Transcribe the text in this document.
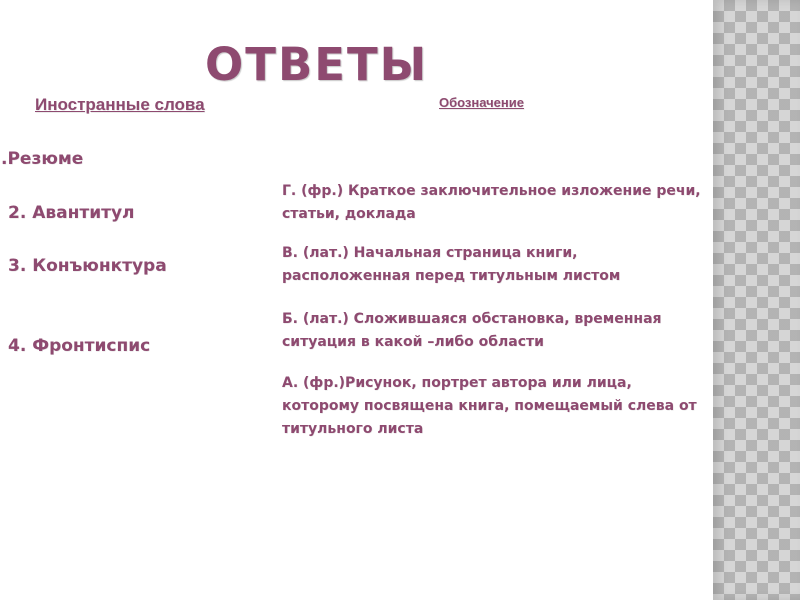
ОТВЕТЫ
Иностранные слова	Обозначение
.Резюме
2. Авантитул
3. Конъюнктура
4. Фронтиспис
Г. (фр.) Краткое заключительное изложение речи, статьи, доклада
В. (лат.) Начальная страница книги, расположенная перед титульным листом
Б. (лат.) Сложившаяся обстановка, временная ситуация в какой –либо области
А. (фр.)Рисунок, портрет автора или лица, которому посвящена книга, помещаемый слева от титульного листа
